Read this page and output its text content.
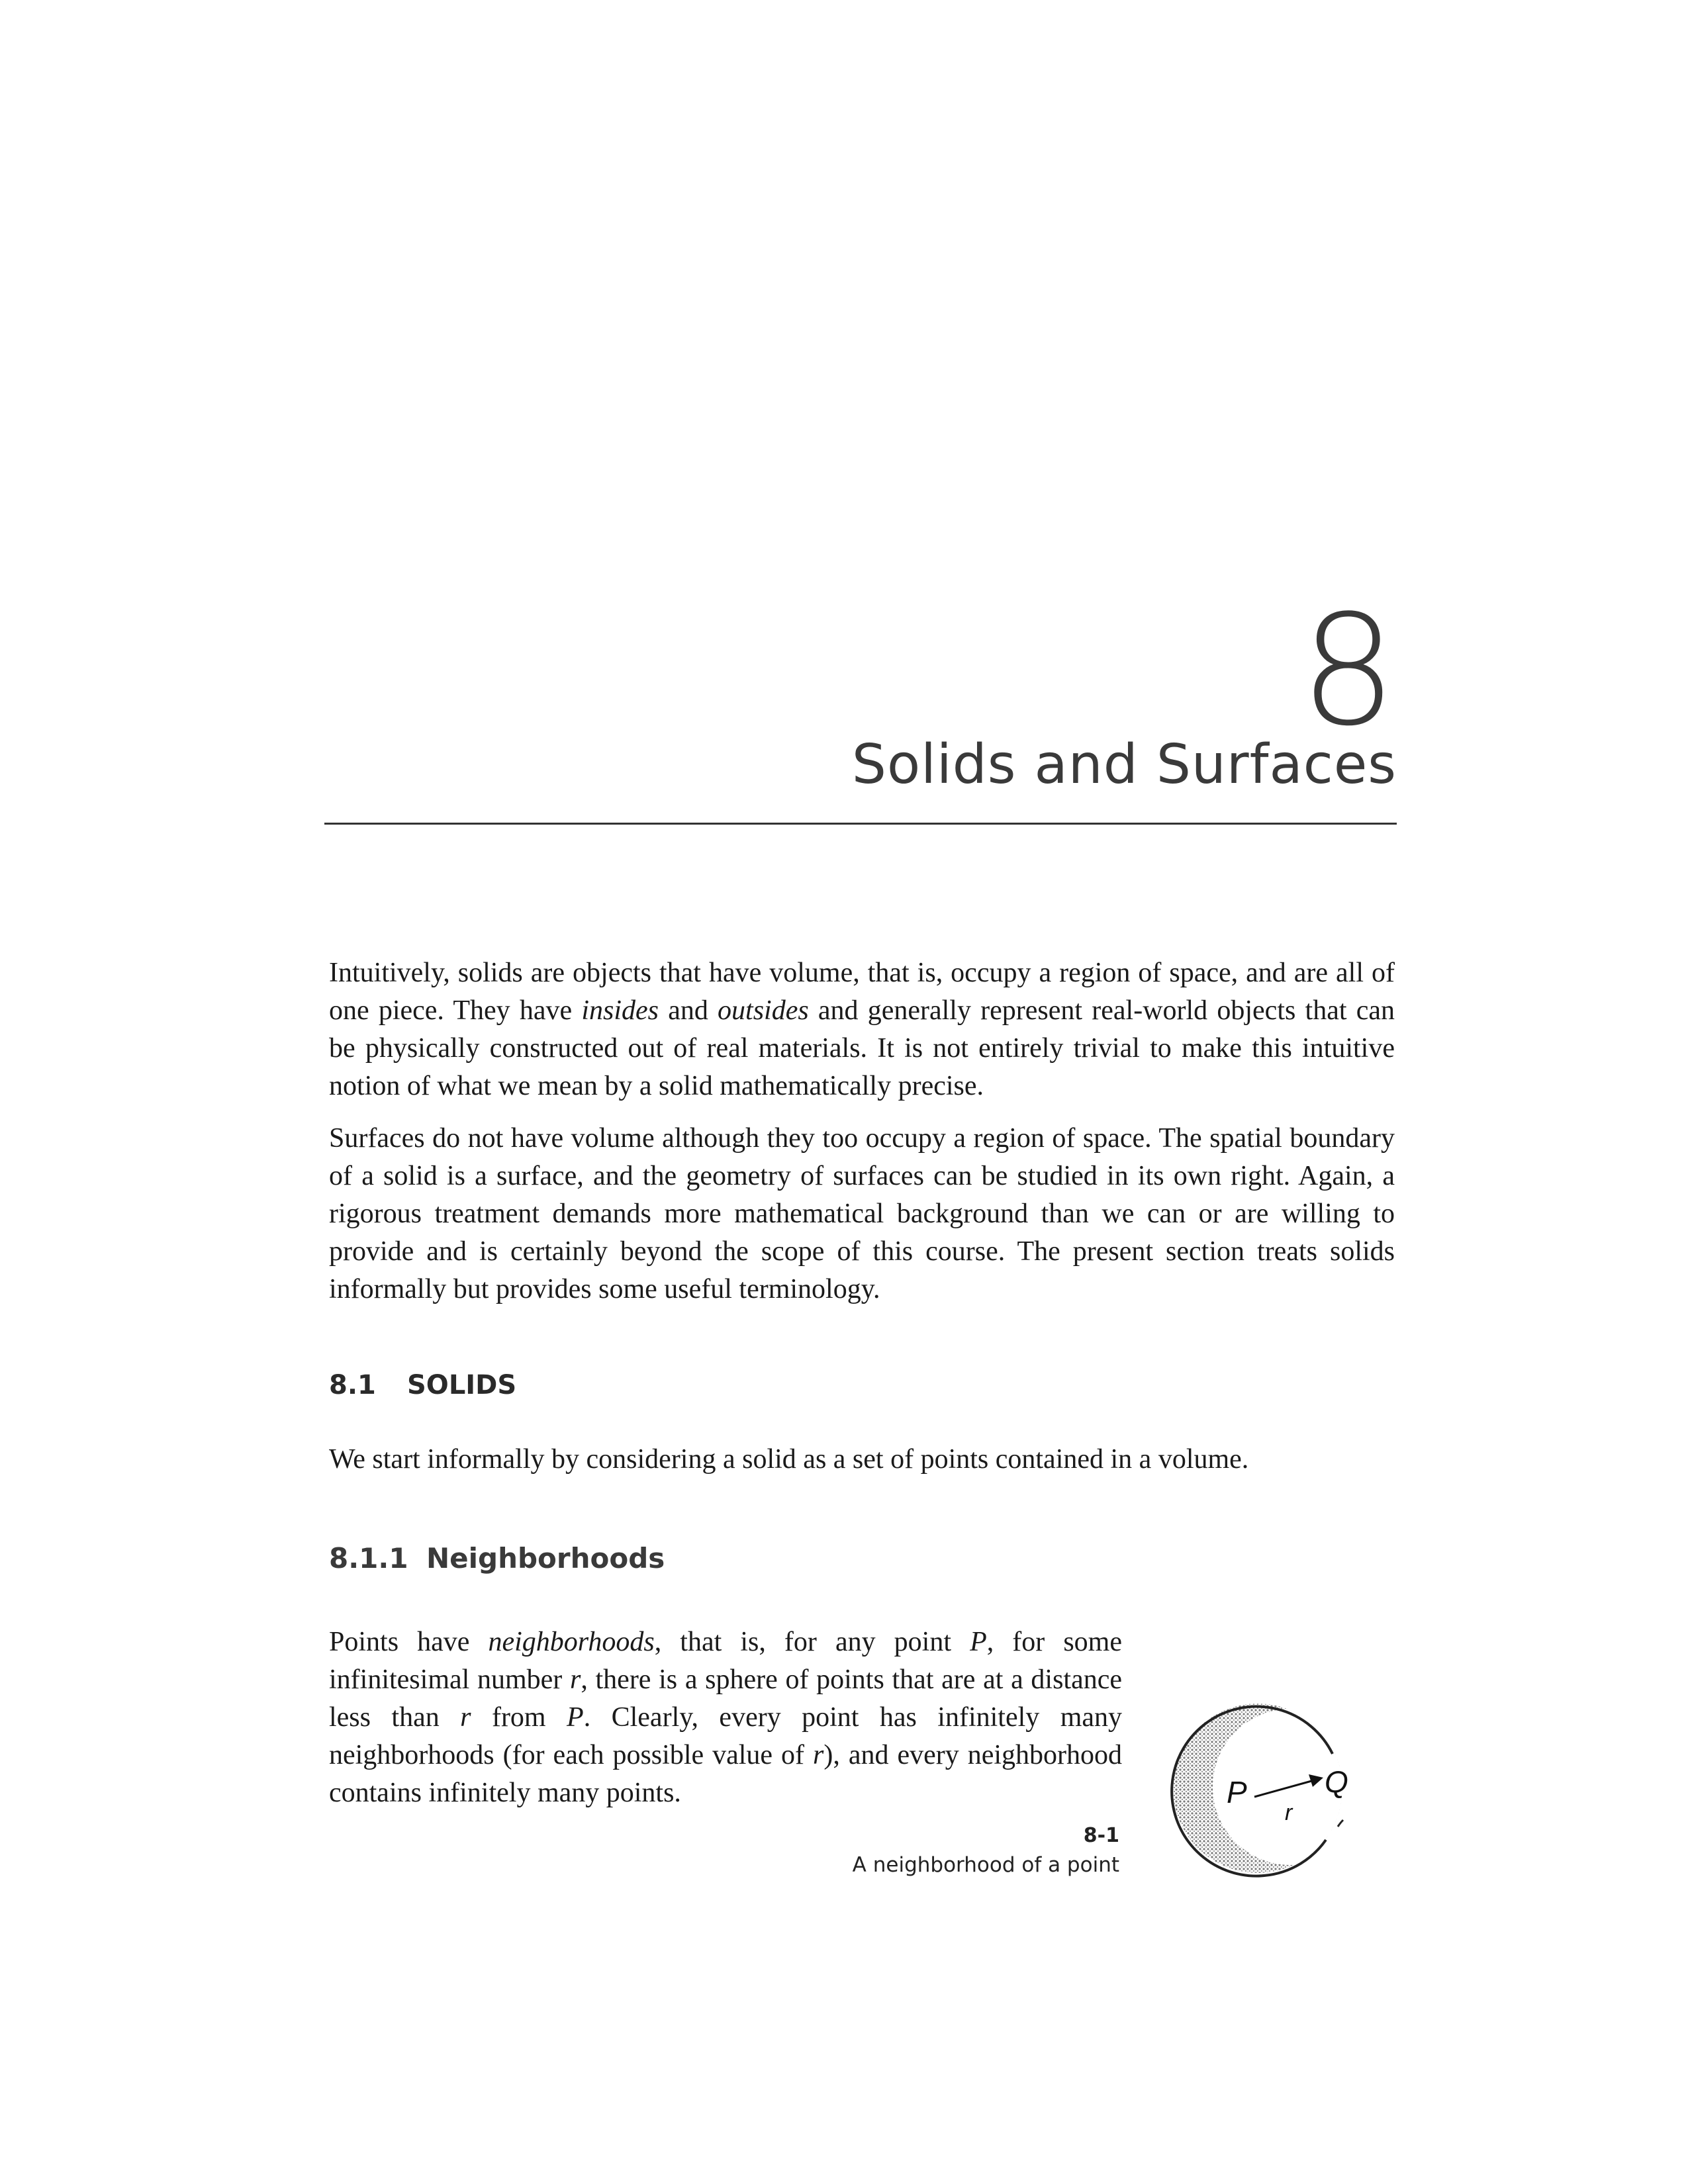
8
Solids and Surfaces

Intuitively, solids are objects that have volume, that is, occupy a region of space, and are all of one piece. They have insides and outsides and generally represent real-world objects that can be physically constructed out of real materials. It is not entirely trivial to make this intuitive notion of what we mean by a solid mathematically precise.

Surfaces do not have volume although they too occupy a region of space. The spatial boundary of a solid is a surface, and the geometry of surfaces can be studied in its own right. Again, a rigorous treatment demands more mathematical background than we can or are willing to provide and is certainly beyond the scope of this course. The present section treats solids informally but provides some useful terminology.

8.1 SOLIDS

We start informally by considering a solid as a set of points contained in a volume.

8.1.1 Neighborhoods

Points have neighborhoods, that is, for any point P, for some infinitesimal number r, there is a sphere of points that are at a distance less than r from P. Clearly, every point has infinitely many neighborhoods (for each possible value of r), and every neighborhood contains infinitely many points.

8-1
A neighborhood of a point
P
r
Q
